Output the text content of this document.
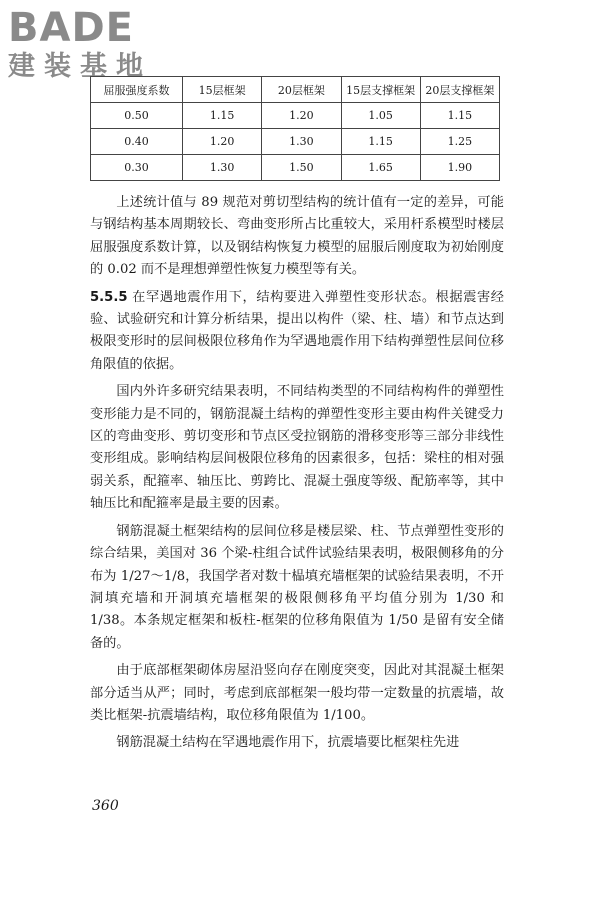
BADE
建装基地
屈服强度系数	15层框架	20层框架	15层支撑框架	20层支撑框架
0.50	1.15	1.20	1.05	1.15
0.40	1.20	1.30	1.15	1.25
0.30	1.30	1.50	1.65	1.90

上述统计值与 89 规范对剪切型结构的统计值有一定的差异，可能与钢结构基本周期较长、弯曲变形所占比重较大，采用杆系模型时楼层屈服强度系数计算，以及钢结构恢复力模型的屈服后刚度取为初始刚度的 0.02 而不是理想弹塑性恢复力模型等有关。

5.5.5 在罕遇地震作用下，结构要进入弹塑性变形状态。根据震害经验、试验研究和计算分析结果，提出以构件（梁、柱、墙）和节点达到极限变形时的层间极限位移角作为罕遇地震作用下结构弹塑性层间位移角限值的依据。

国内外许多研究结果表明，不同结构类型的不同结构构件的弹塑性变形能力是不同的，钢筋混凝土结构的弹塑性变形主要由构件关键受力区的弯曲变形、剪切变形和节点区受拉钢筋的滑移变形等三部分非线性变形组成。影响结构层间极限位移角的因素很多，包括：梁柱的相对强弱关系，配箍率、轴压比、剪跨比、混凝土强度等级、配筋率等，其中轴压比和配箍率是最主要的因素。

钢筋混凝土框架结构的层间位移是楼层梁、柱、节点弹塑性变形的综合结果，美国对 36 个梁-柱组合试件试验结果表明，极限侧移角的分布为 1/27～1/8，我国学者对数十榀填充墙框架的试验结果表明，不开洞填充墙和开洞填充墙框架的极限侧移角平均值分别为 1/30 和 1/38。本条规定框架和板柱-框架的位移角限值为 1/50 是留有安全储备的。

由于底部框架砌体房屋沿竖向存在刚度突变，因此对其混凝土框架部分适当从严；同时，考虑到底部框架一般均带一定数量的抗震墙，故类比框架-抗震墙结构，取位移角限值为 1/100。

钢筋混凝土结构在罕遇地震作用下，抗震墙要比框架柱先进

360
